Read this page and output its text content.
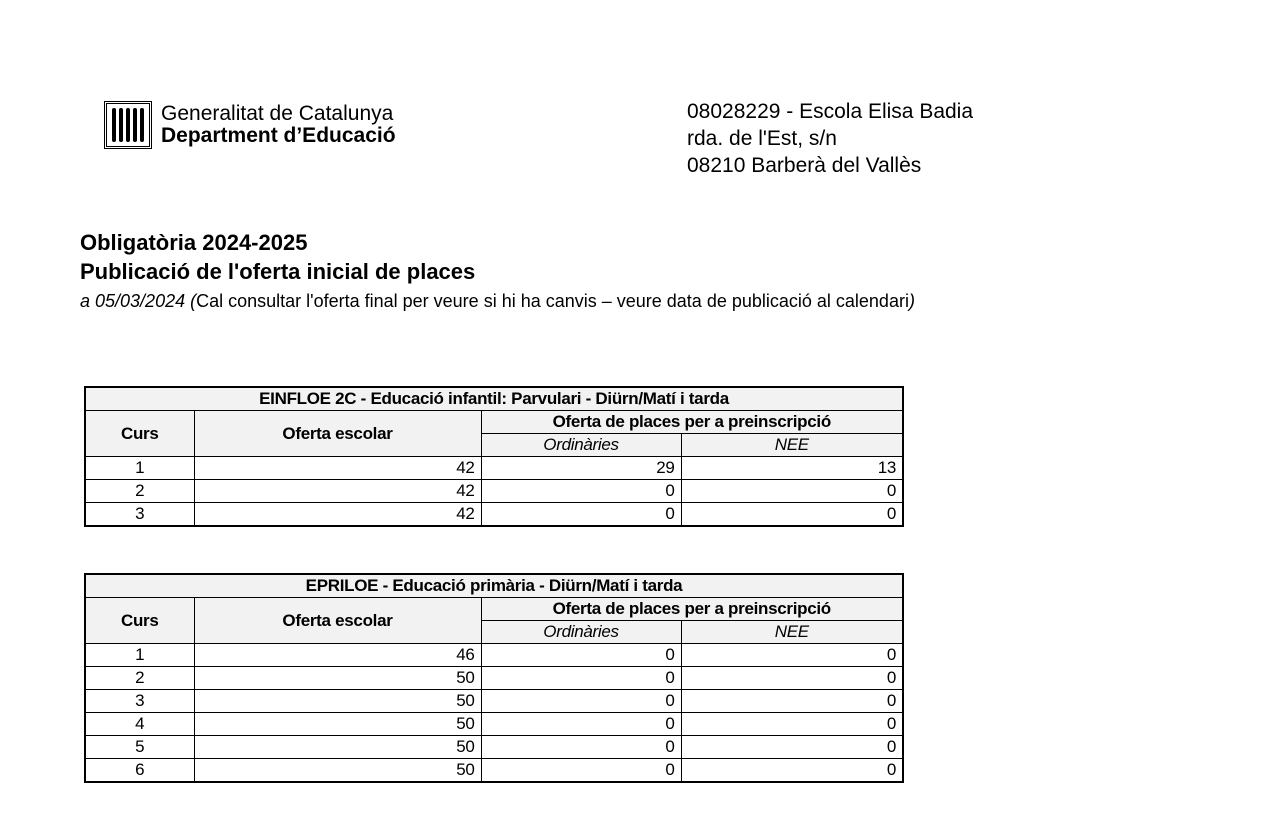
Generalitat de Catalunya
Department d’Educació
08028229 - Escola Elisa Badia
rda. de l'Est, s/n
08210 Barberà del Vallès
Obligatòria 2024-2025
Publicació de l'oferta inicial de places
a 05/03/2024 (Cal consultar l'oferta final per veure si hi ha canvis – veure data de publicació al calendari)
EINFLOE 2C - Educació infantil: Parvulari - Diürn/Matí i tarda			
Curs	Oferta escolar	Oferta de places per a preinscripció	
		Ordinàries	NEE
1	42	29	13
2	42	0	0
3	42	0	0
EPRILOE - Educació primària - Diürn/Matí i tarda			
Curs	Oferta escolar	Oferta de places per a preinscripció	
		Ordinàries	NEE
1	46	0	0
2	50	0	0
3	50	0	0
4	50	0	0
5	50	0	0
6	50	0	0
